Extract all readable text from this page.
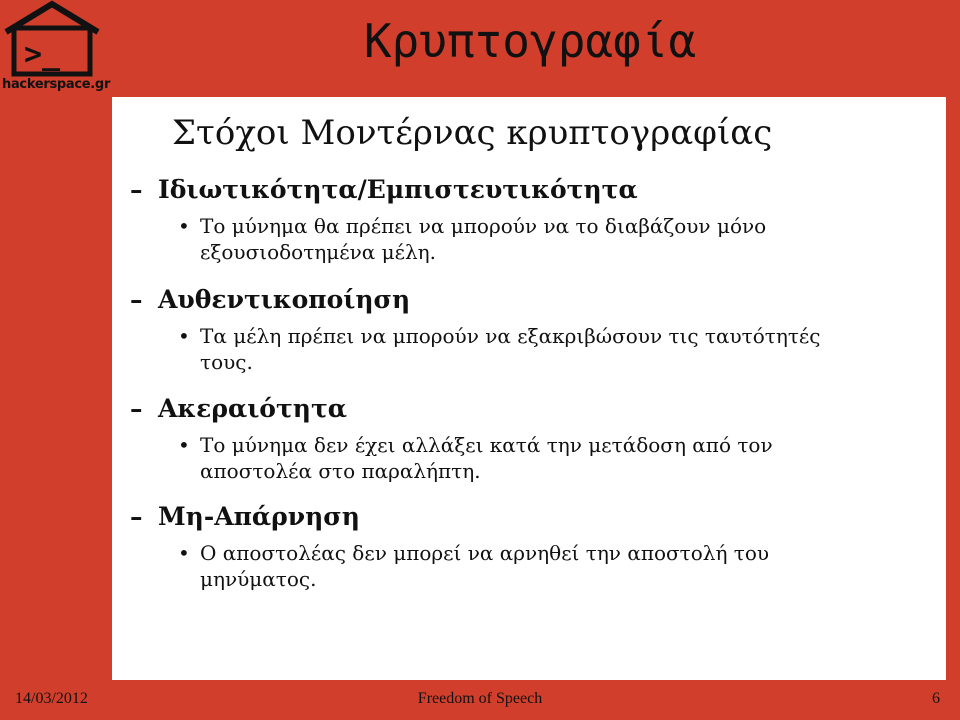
>_
hackerspace.gr
Κρυπτογραφία
Στόχοι Μοντέρνας κρυπτογραφίας
– Ιδιωτικότητα/Εμπιστευτικότητα
• Το μύνημα θα πρέπει να μπορούν να το διαβάζουν μόνο εξουσιοδοτημένα μέλη.
– Αυθεντικοποίηση
• Τα μέλη πρέπει να μπορούν να εξακριβώσουν τις ταυτότητές τους.
– Ακεραιότητα
• Το μύνημα δεν έχει αλλάξει κατά την μετάδοση από τον αποστολέα στο παραλήπτη.
– Μη-Απάρνηση
• Ο αποστολέας δεν μπορεί να αρνηθεί την αποστολή του μηνύματος.
14/03/2012	Freedom of Speech	6
